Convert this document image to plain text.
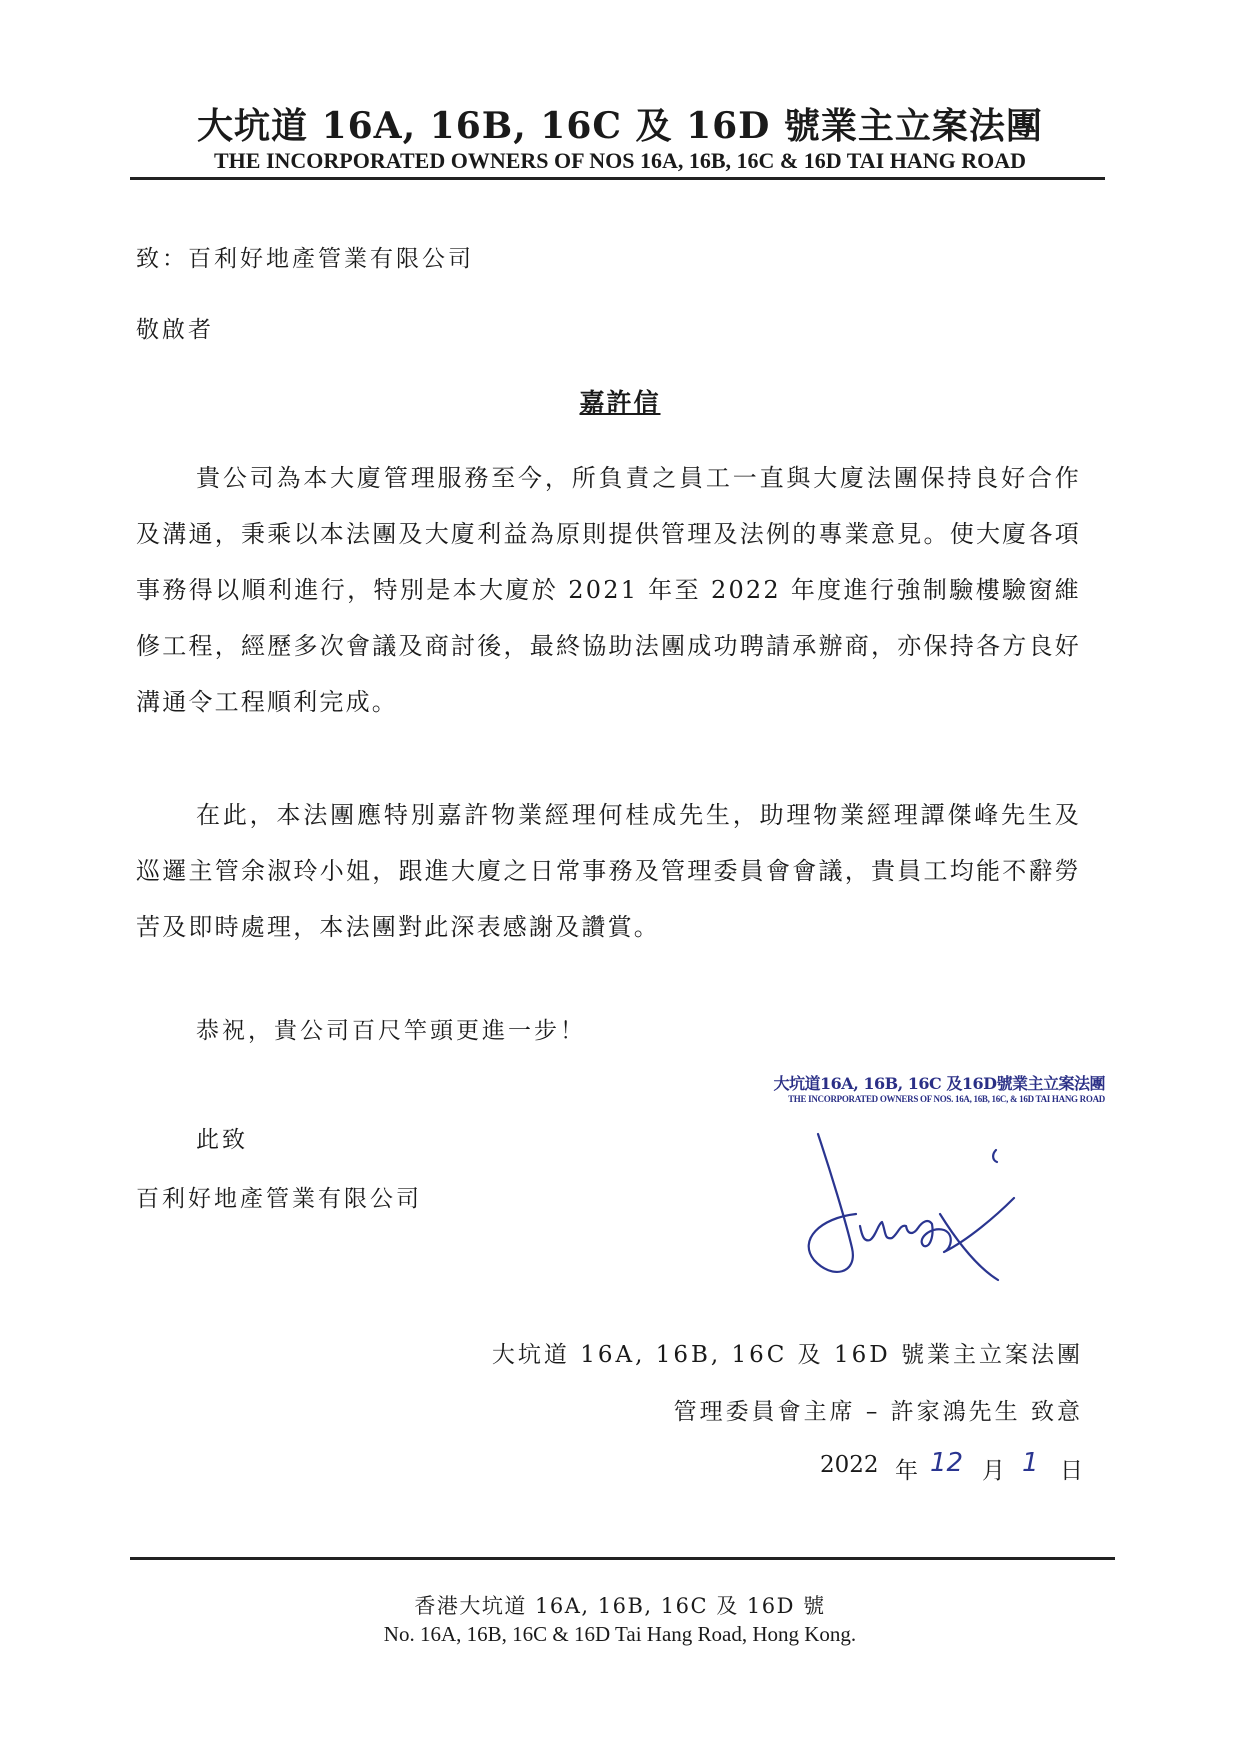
大坑道 16A, 16B, 16C 及 16D 號業主立案法團
THE INCORPORATED OWNERS OF NOS 16A, 16B, 16C & 16D TAI HANG ROAD
致：百利好地產管業有限公司
敬啟者
嘉許信

貴公司為本大廈管理服務至今，所負責之員工一直與大廈法團保持良好合作及溝通，秉乘以本法團及大廈利益為原則提供管理及法例的專業意見。使大廈各項事務得以順利進行，特別是本大廈於 2021 年至 2022 年度進行強制驗樓驗窗維修工程，經歷多次會議及商討後，最終協助法團成功聘請承辦商，亦保持各方良好溝通令工程順利完成。

在此，本法團應特別嘉許物業經理何桂成先生，助理物業經理譚傑峰先生及巡邏主管余淑玲小姐，跟進大廈之日常事務及管理委員會會議，貴員工均能不辭勞苦及即時處理，本法團對此深表感謝及讚賞。

恭祝，貴公司百尺竿頭更進一步！
大坑道16A, 16B, 16C 及16D號業主立案法團
THE INCORPORATED OWNERS OF NOS. 16A, 16B, 16C, & 16D TAI HANG ROAD
此致
百利好地產管業有限公司
大坑道 16A, 16B, 16C 及 16D 號業主立案法團
管理委員會主席 – 許家鴻先生 致意
2022 年 12 月 1 日
香港大坑道 16A, 16B, 16C 及 16D 號
No. 16A, 16B, 16C & 16D Tai Hang Road, Hong Kong.
